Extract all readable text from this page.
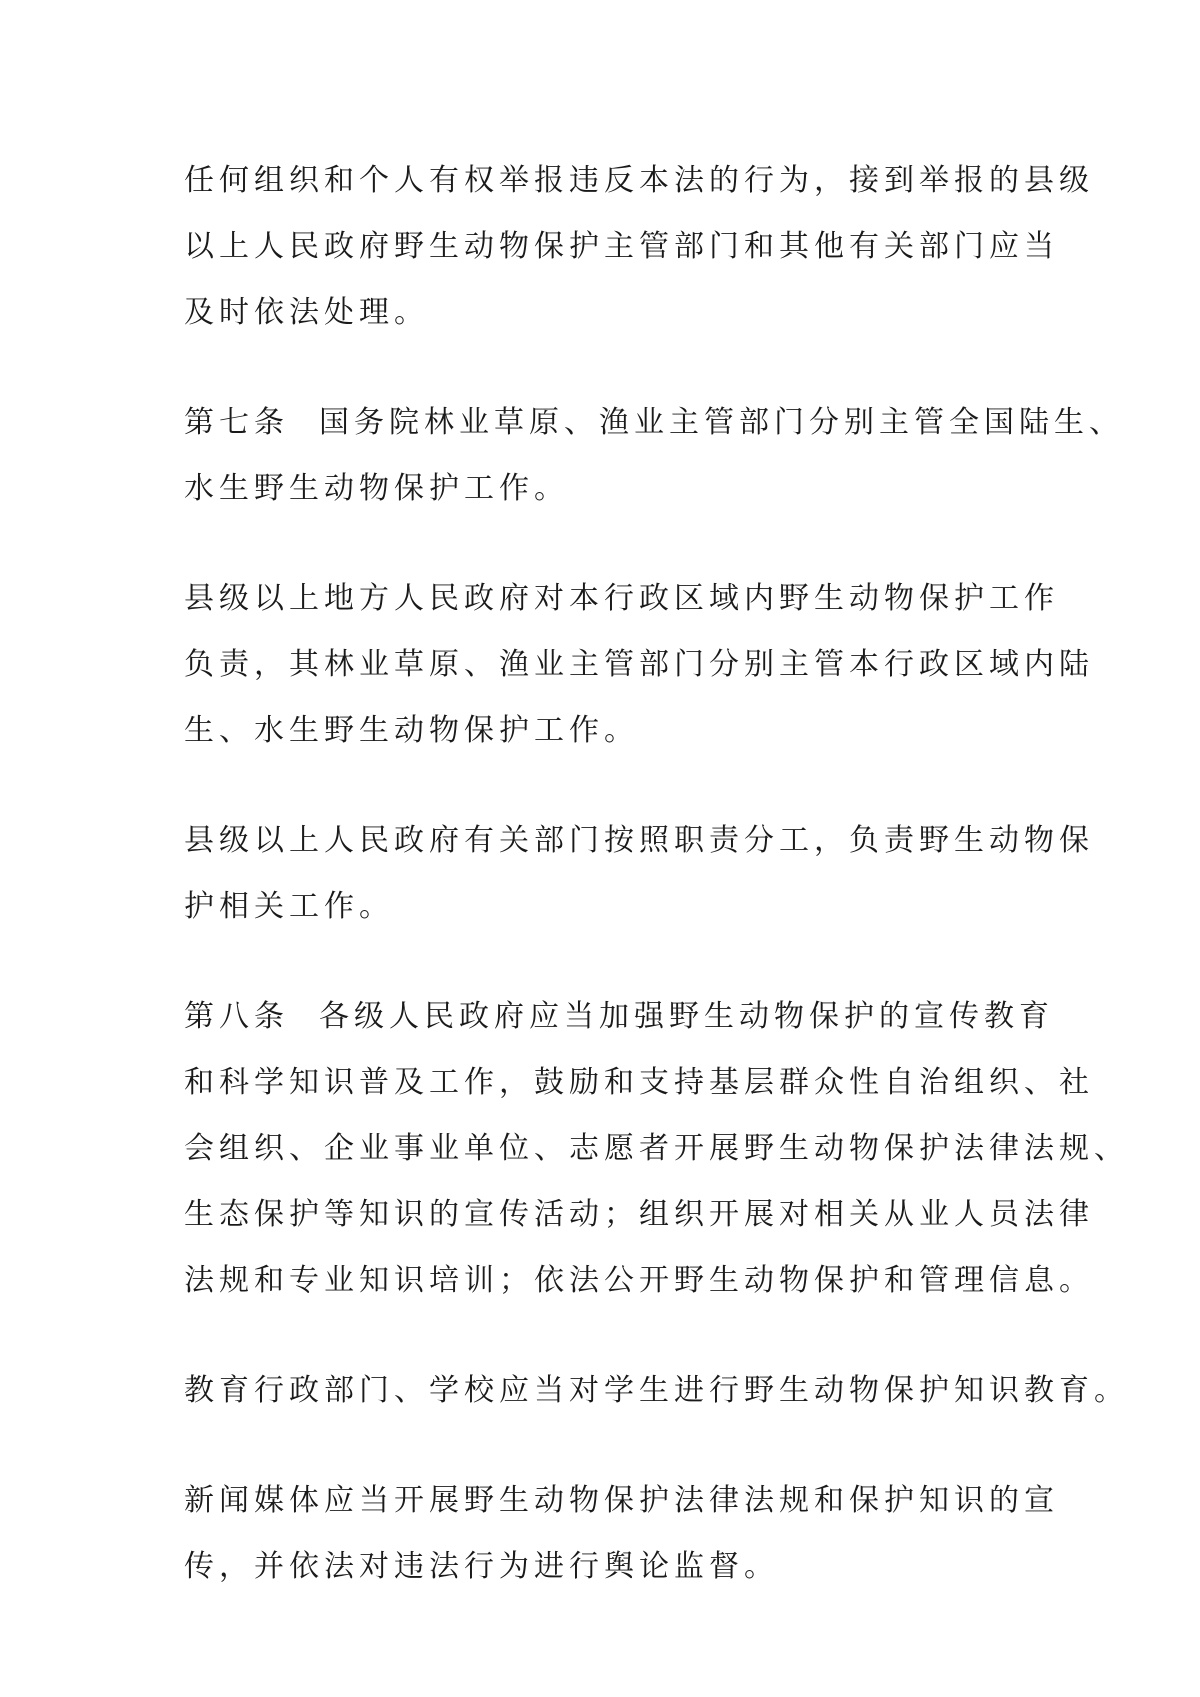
任何组织和个人有权举报违反本法的行为，接到举报的县级
以上人民政府野生动物保护主管部门和其他有关部门应当
及时依法处理。

第七条 国务院林业草原、渔业主管部门分别主管全国陆生、
水生野生动物保护工作。

县级以上地方人民政府对本行政区域内野生动物保护工作
负责，其林业草原、渔业主管部门分别主管本行政区域内陆
生、水生野生动物保护工作。

县级以上人民政府有关部门按照职责分工，负责野生动物保
护相关工作。

第八条 各级人民政府应当加强野生动物保护的宣传教育
和科学知识普及工作，鼓励和支持基层群众性自治组织、社
会组织、企业事业单位、志愿者开展野生动物保护法律法规、
生态保护等知识的宣传活动；组织开展对相关从业人员法律
法规和专业知识培训；依法公开野生动物保护和管理信息。

教育行政部门、学校应当对学生进行野生动物保护知识教育。

新闻媒体应当开展野生动物保护法律法规和保护知识的宣
传，并依法对违法行为进行舆论监督。
